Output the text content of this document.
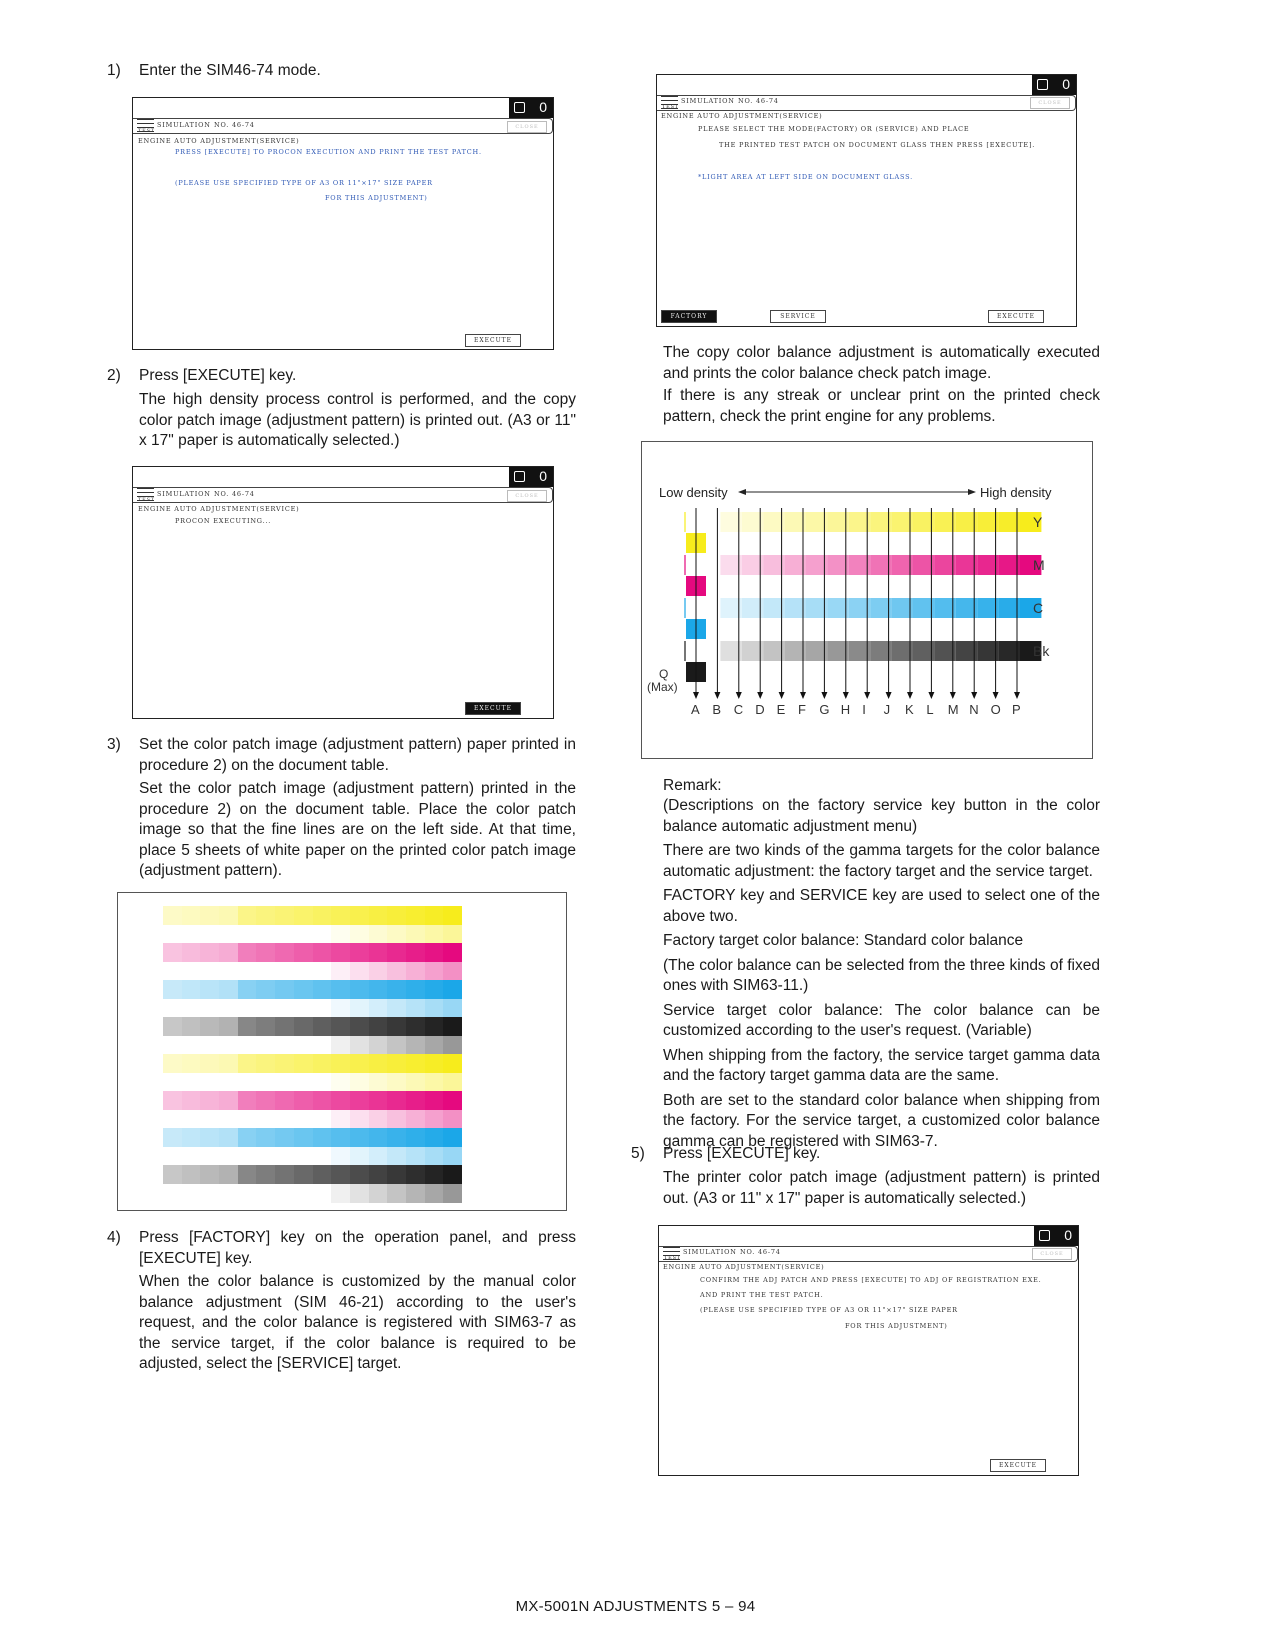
1)	Enter the SIM46-74 mode.
0
TEST
SIMULATION NO. 46-74	CLOSE
ENGINE AUTO ADJUSTMENT(SERVICE)
PRESS [EXECUTE] TO PROCON EXECUTION AND PRINT THE TEST PATCH.
(PLEASE USE SPECIFIED TYPE OF A3 OR 11"×17" SIZE PAPER
FOR THIS ADJUSTMENT)
EXECUTE
2)	Press [EXECUTE] key.
The high density process control is performed, and the copy color patch image (adjustment pattern) is printed out. (A3 or 11" x 17" paper is automatically selected.)
0
TEST
SIMULATION NO. 46-74	CLOSE
ENGINE AUTO ADJUSTMENT(SERVICE)
PROCON EXECUTING...
EXECUTE
3)	Set the color patch image (adjustment pattern) paper printed in procedure 2) on the document table.
Set the color patch image (adjustment pattern) printed in the procedure 2) on the document table. Place the color patch image so that the fine lines are on the left side. At that time, place 5 sheets of white paper on the printed color patch image (adjustment pattern).
4)	Press [FACTORY] key on the operation panel, and press [EXECUTE] key.
When the color balance is customized by the manual color balance adjustment (SIM 46-21) according to the user's request, and the color balance is registered with SIM63-7 as the service target, if the color balance is required to be adjusted, select the [SERVICE] target.
0
TEST
SIMULATION NO. 46-74	CLOSE
ENGINE AUTO ADJUSTMENT(SERVICE)
PLEASE SELECT THE MODE(FACTORY) OR (SERVICE) AND PLACE
THE PRINTED TEST PATCH ON DOCUMENT GLASS THEN PRESS [EXECUTE].
*LIGHT AREA AT LEFT SIDE ON DOCUMENT GLASS.
FACTORY	SERVICE	EXECUTE
The copy color balance adjustment is automatically executed and prints the color balance check patch image.
If there is any streak or unclear print on the printed check pattern, check the print engine for any problems.
Low density	High density
Y
M
C
Bk
A B C D E F G H I J K L M N O P
Q
(Max)

Remark:

(Descriptions on the factory service key button in the color balance automatic adjustment menu)

There are two kinds of the gamma targets for the color balance automatic adjustment: the factory target and the service target.

FACTORY key and SERVICE key are used to select one of the above two.

Factory target color balance: Standard color balance

(The color balance can be selected from the three kinds of fixed ones with SIM63-11.)

Service target color balance: The color balance can be customized according to the user's request. (Variable)

When shipping from the factory, the service target gamma data and the factory target gamma data are the same.

Both are set to the standard color balance when shipping from the factory. For the service target, a customized color balance gamma can be registered with SIM63-7.

5)	Press [EXECUTE] key.
The printer color patch image (adjustment pattern) is printed out. (A3 or 11" x 17" paper is automatically selected.)
0
TEST
SIMULATION NO. 46-74	CLOSE
ENGINE AUTO ADJUSTMENT(SERVICE)
CONFIRM THE ADJ PATCH AND PRESS [EXECUTE] TO ADJ OF REGISTRATION EXE.
AND PRINT THE TEST PATCH.
(PLEASE USE SPECIFIED TYPE OF A3 OR 11"×17" SIZE PAPER
FOR THIS ADJUSTMENT)
EXECUTE
MX-5001N ADJUSTMENTS 5 – 94
